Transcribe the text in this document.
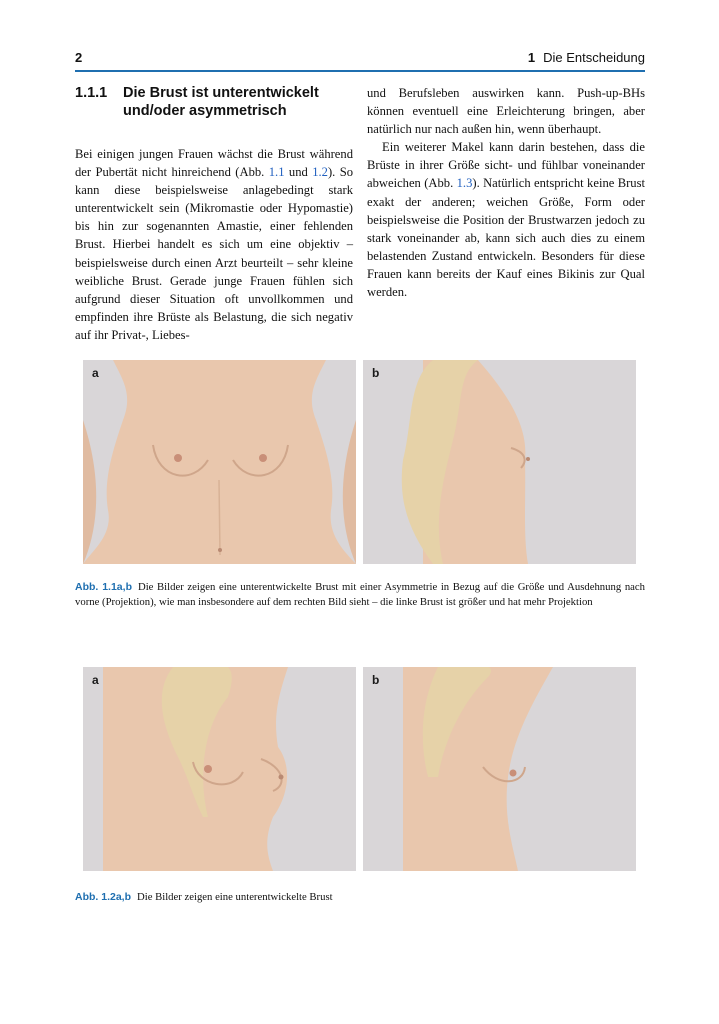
2	1 Die Entscheidung
1.1.1	Die Brust ist unterentwickelt und/oder asymmetrisch

Bei einigen jungen Frauen wächst die Brust während der Pubertät nicht hinreichend (Abb. 1.1 und 1.2). So kann diese beispielsweise anlagebedingt stark unterentwickelt sein (Mikromastie oder Hypomastie) bis hin zur sogenannten Amastie, einer fehlenden Brust. Hierbei handelt es sich um eine objektiv – beispielsweise durch einen Arzt beurteilt – sehr kleine weibliche Brust. Gerade junge Frauen fühlen sich aufgrund dieser Situation oft unvollkommen und empfinden ihre Brüste als Belastung, die sich negativ auf ihr Privat-, Liebes-

und Berufsleben auswirken kann. Push-up-BHs können eventuell eine Erleichterung bringen, aber natürlich nur nach außen hin, wenn überhaupt.

Ein weiterer Makel kann darin bestehen, dass die Brüste in ihrer Größe sicht- und fühlbar voneinander abweichen (Abb. 1.3). Natürlich entspricht keine Brust exakt der anderen; weichen Größe, Form oder beispielsweise die Position der Brustwarzen jedoch zu stark voneinander ab, kann sich auch dies zu einem belastenden Zustand entwickeln. Besonders für diese Frauen kann bereits der Kauf eines Bikinis zur Qual werden.

a	b
Abb. 1.1a,b Die Bilder zeigen eine unterentwickelte Brust mit einer Asymmetrie in Bezug auf die Größe und Ausdehnung nach vorne (Projektion), wie man insbesondere auf dem rechten Bild sieht – die linke Brust ist größer und hat mehr Projektion
a	b
Abb. 1.2a,b Die Bilder zeigen eine unterentwickelte Brust
